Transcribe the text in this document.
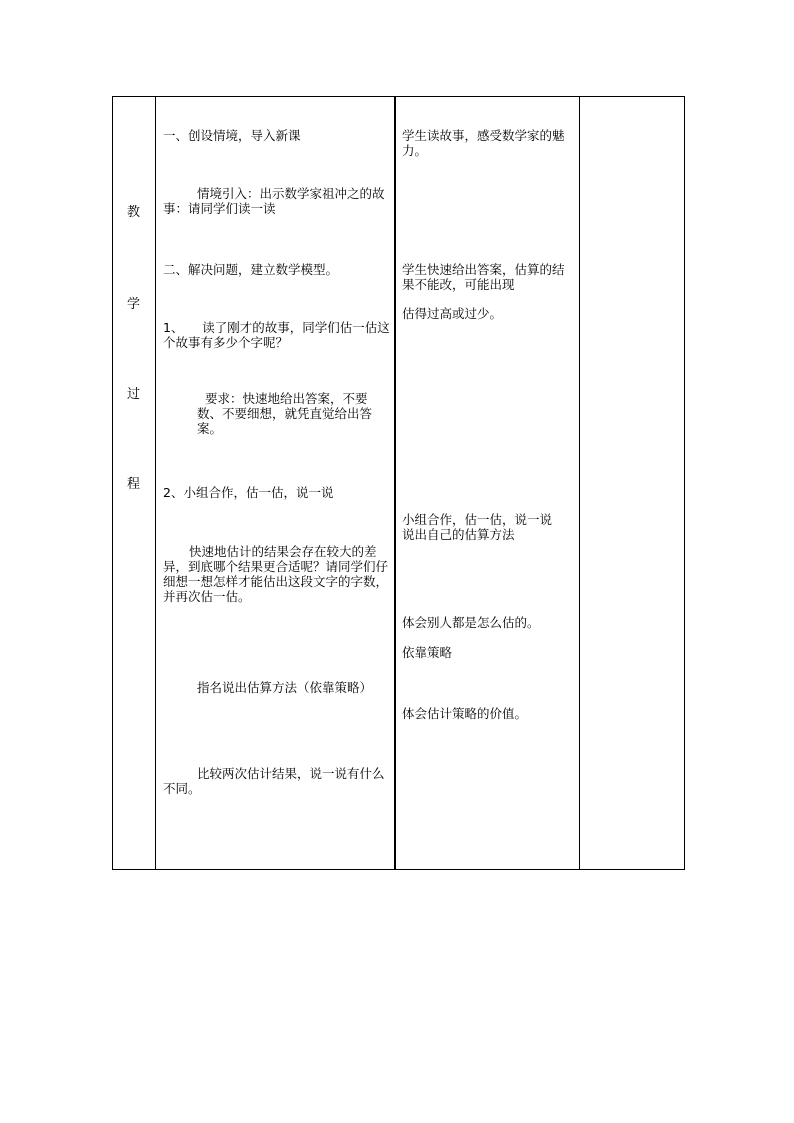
教
学
过
程
一、创设情境，导入新课
情境引入：出示数学家祖冲之的故事：请同学们读一读
二、解决问题，建立数学模型。
1、　　读了刚才的故事，同学们估一估这个故事有多少个字呢？
要求：快速地给出答案，不要数、不要细想，就凭直觉给出答案。
2、小组合作，估一估，说一说
快速地估计的结果会存在较大的差异，到底哪个结果更合适呢？请同学们仔细想一想怎样才能估出这段文字的字数，并再次估一估。
指名说出估算方法（依靠策略）
比较两次估计结果，说一说有什么不同。
学生读故事，感受数学家的魅力。
学生快速给出答案，估算的结果不能改，可能出现
估得过高或过少。
小组合作，估一估，说一说　说出自己的估算方法
体会别人都是怎么估的。
依靠策略
体会估计策略的价值。
